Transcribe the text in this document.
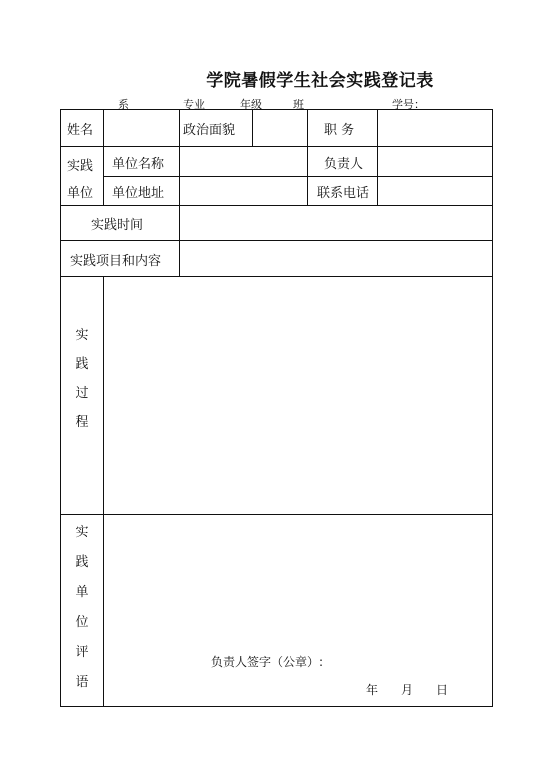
学院暑假学生社会实践登记表
系	专业	年级	班	学号：
姓名	政治面貌	职 务
实践
单位
单位名称	负责人
单位地址	联系电话
实践时间
实践项目和内容
实
践
过
程
实
践
单
位
评
语
负责人签字（公章）:
年 月 日
